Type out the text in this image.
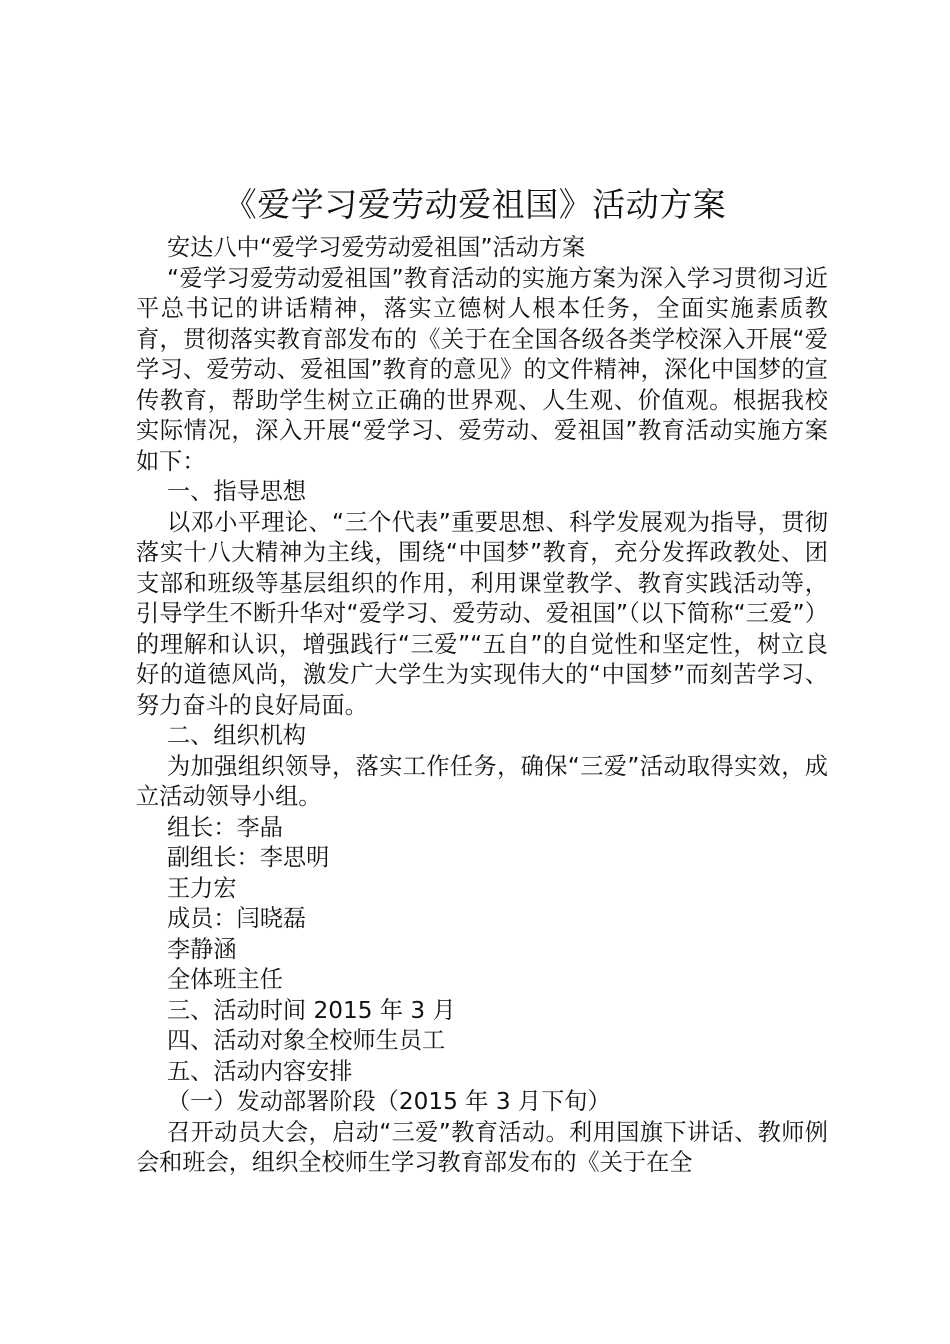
《爱学习爱劳动爱祖国》活动方案

安达八中“爱学习爱劳动爱祖国”活动方案

“爱学习爱劳动爱祖国”教育活动的实施方案为深入学习贯彻习近平总书记的讲话精神，落实立德树人根本任务，全面实施素质教育，贯彻落实教育部发布的《关于在全国各级各类学校深入开展“爱学习、爱劳动、爱祖国”教育的意见》的文件精神，深化中国梦的宣传教育，帮助学生树立正确的世界观、人生观、价值观。根据我校实际情况，深入开展“爱学习、爱劳动、爱祖国”教育活动实施方案如下：

一、指导思想

以邓小平理论、“三个代表”重要思想、科学发展观为指导，贯彻落实十八大精神为主线，围绕“中国梦”教育，充分发挥政教处、团支部和班级等基层组织的作用，利用课堂教学、教育实践活动等，引导学生不断升华对“爱学习、爱劳动、爱祖国”（以下简称“三爱”）的理解和认识，增强践行“三爱”“五自”的自觉性和坚定性，树立良好的道德风尚，激发广大学生为实现伟大的“中国梦”而刻苦学习、努力奋斗的良好局面。

二、组织机构

为加强组织领导，落实工作任务，确保“三爱”活动取得实效，成立活动领导小组。

组长：李晶

副组长：李思明

王力宏

成员：闫晓磊

李静涵

全体班主任

三、活动时间 2015 年 3 月

四、活动对象全校师生员工

五、活动内容安排

（一）发动部署阶段（2015 年 3 月下旬）

召开动员大会，启动“三爱”教育活动。利用国旗下讲话、教师例会和班会，组织全校师生学习教育部发布的《关于在全
